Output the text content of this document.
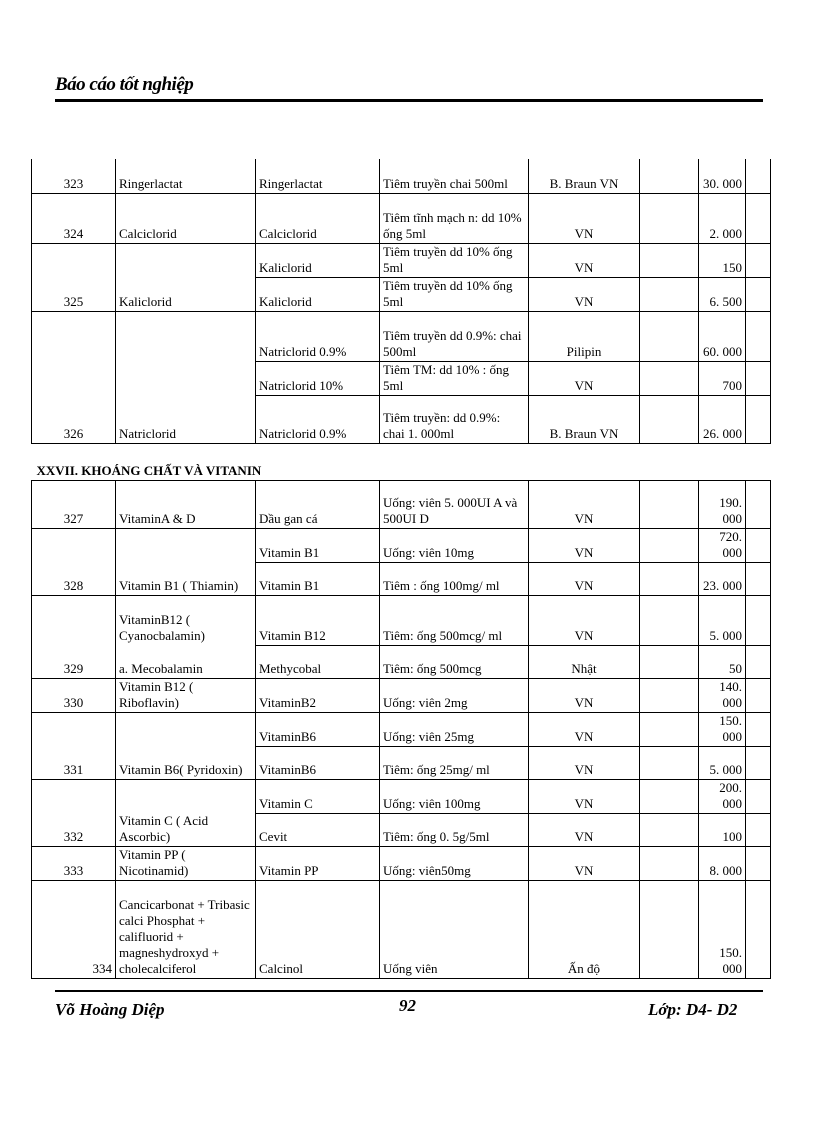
Báo cáo tốt nghiệp
323	Ringerlactat	Ringerlactat	Tiêm truyền chai 500ml	B. Braun VN		30. 000	
324	Calciclorid	Calciclorid	Tiêm tĩnh mạch n: dd 10% ống 5ml	VN		2. 000	
		Kaliclorid	Tiêm truyền dd 10% ống 5ml	VN		150	
325	Kaliclorid	Kaliclorid	Tiêm truyền dd 10% ống 5ml	VN		6. 500	
		Natriclorid 0.9%	Tiêm truyền dd 0.9%: chai 500ml	Pilipin		60. 000	
		Natriclorid 10%	Tiêm TM: dd 10% : ống 5ml	VN		700	
326	Natriclorid	Natriclorid 0.9%	Tiêm truyền: dd 0.9%: chai 1. 000ml	B. Braun VN		26. 000	
XXVII. KHOÁNG CHẤT VÀ VITANIN							
327	VitaminA & D	Dầu gan cá	Uống: viên 5. 000UI A và 500UI D	VN		190. 000	
		Vitamin B1	Uống: viên 10mg	VN		720. 000	
328	Vitamin B1 ( Thiamin)	Vitamin B1	Tiêm : ống 100mg/ ml	VN		23. 000	
	VitaminB12 ( Cyanocbalamin)	Vitamin B12	Tiêm: ống 500mcg/ ml	VN		5. 000	
329	a. Mecobalamin	Methycobal	Tiêm: ống 500mcg	Nhật		50	
330	Vitamin B12 ( Riboflavin)	VitaminB2	Uống: viên 2mg	VN		140. 000	
		VitaminB6	Uống: viên 25mg	VN		150. 000	
331	Vitamin B6( Pyridoxin)	VitaminB6	Tiêm: ống 25mg/ ml	VN		5. 000	
		Vitamin C	Uống: viên 100mg	VN		200. 000	
332	Vitamin C ( Acid Ascorbic)	Cevit	Tiêm: ống 0. 5g/5ml	VN		100	
333	Vitamin PP ( Nicotinamid)	Vitamin PP	Uống: viên50mg	VN		8. 000	
334	Cancicarbonat + Tribasic calci Phosphat + califluorid + magneshydroxyd + cholecalciferol	Calcinol	Uống viên	Ấn độ		150. 000	
Võ Hoàng Diệp	92	Lớp: D4- D2
